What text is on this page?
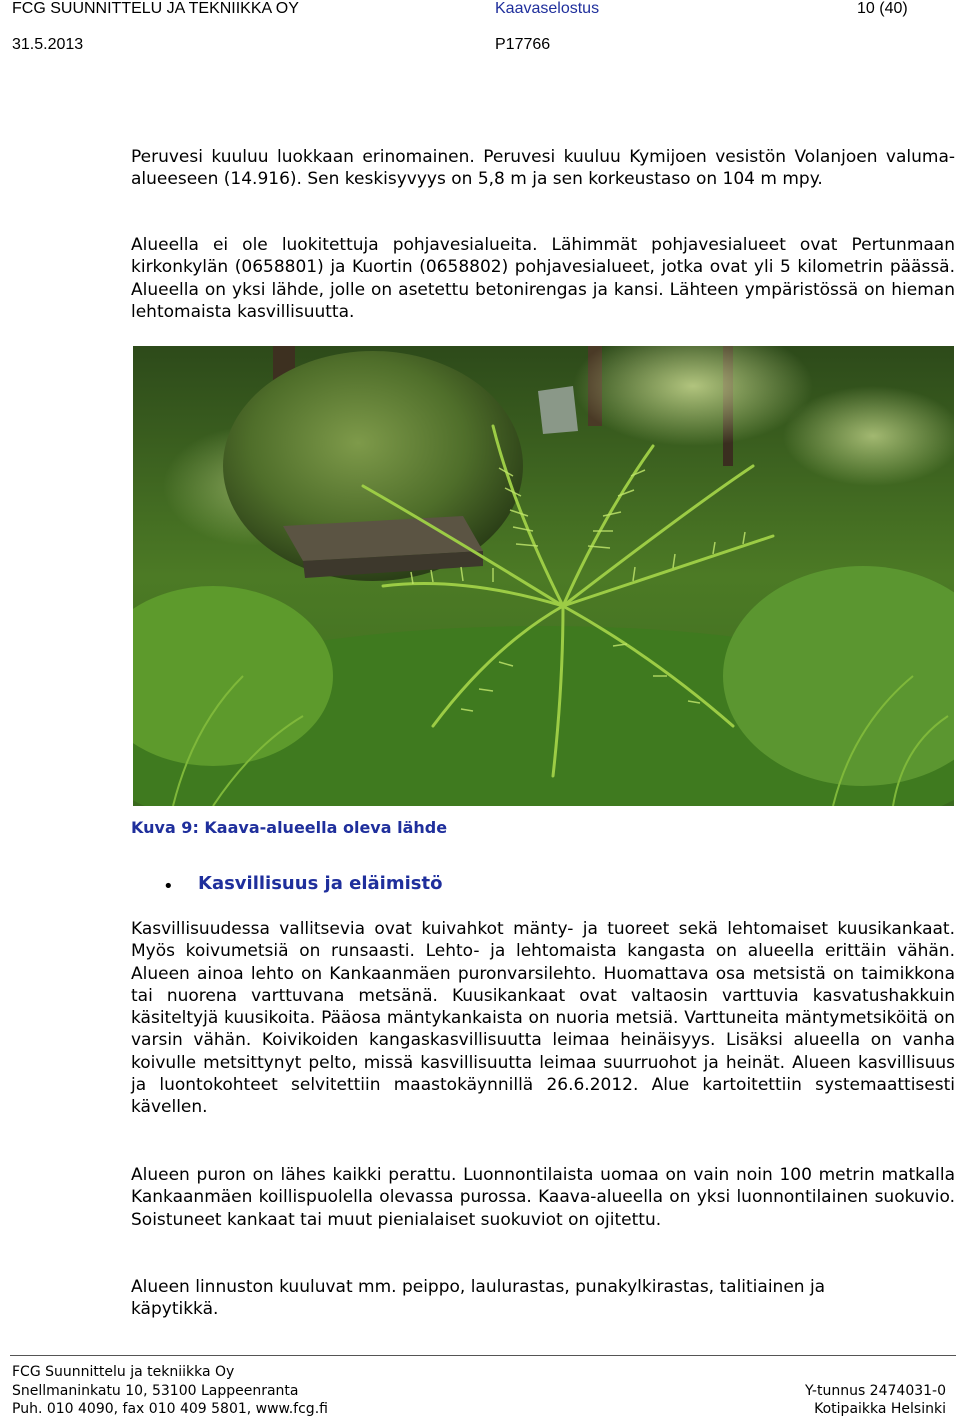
FCG SUUNNITTELU JA TEKNIIKKA OY	Kaavaselostus	10 (40)
31.5.2013	P17766
Peruvesi kuuluu luokkaan erinomainen. Peruvesi kuuluu Kymijoen vesistön Volanjoen valuma-alueeseen (14.916). Sen keskisyvyys on 5,8 m ja sen korkeustaso on 104 m mpy.
Alueella ei ole luokitettuja pohjavesialueita. Lähimmät pohjavesialueet ovat Pertunmaan kirkonkylän (0658801) ja Kuortin (0658802) pohjavesialueet, jotka ovat yli 5 kilometrin päässä. Alueella on yksi lähde, jolle on asetettu betonirengas ja kansi. Lähteen ympäristössä on hieman lehtomaista kasvillisuutta.
Kuva 9: Kaava-alueella oleva lähde
• Kasvillisuus ja eläimistö
Kasvillisuudessa vallitsevia ovat kuivahkot mänty- ja tuoreet sekä lehtomaiset kuusikankaat. Myös koivumetsiä on runsaasti. Lehto- ja lehtomaista kangasta on alueella erittäin vähän. Alueen ainoa lehto on Kankaanmäen puronvarsilehto. Huomattava osa metsistä on taimikkona tai nuorena varttuvana metsänä. Kuusikankaat ovat valtaosin varttuvia kasvatushakkuin käsiteltyjä kuusikoita. Pääosa mäntykankaista on nuoria metsiä. Varttuneita mäntymetsiköitä on varsin vähän. Koivikoiden kangaskasvillisuutta leimaa heinäisyys. Lisäksi alueella on vanha koivulle metsittynyt pelto, missä kasvillisuutta leimaa suurruohot ja heinät. Alueen kasvillisuus ja luontokohteet selvitettiin maastokäynnillä 26.6.2012. Alue kartoitettiin systemaattisesti kävellen.
Alueen puron on lähes kaikki perattu. Luonnontilaista uomaa on vain noin 100 metrin matkalla Kankaanmäen koillispuolella olevassa purossa. Kaava-alueella on yksi luonnontilainen suokuvio. Soistuneet kankaat tai muut pienialaiset suokuviot on ojitettu.
Alueen linnuston kuuluvat mm. peippo, laulurastas, punakylkirastas, talitiainen ja käpytikkä.
FCG Suunnittelu ja tekniikka Oy
Snellmaninkatu 10, 53100 Lappeenranta
Puh. 010 4090, fax 010 409 5801, www.fcg.fi
Y-tunnus 2474031-0
Kotipaikka Helsinki
